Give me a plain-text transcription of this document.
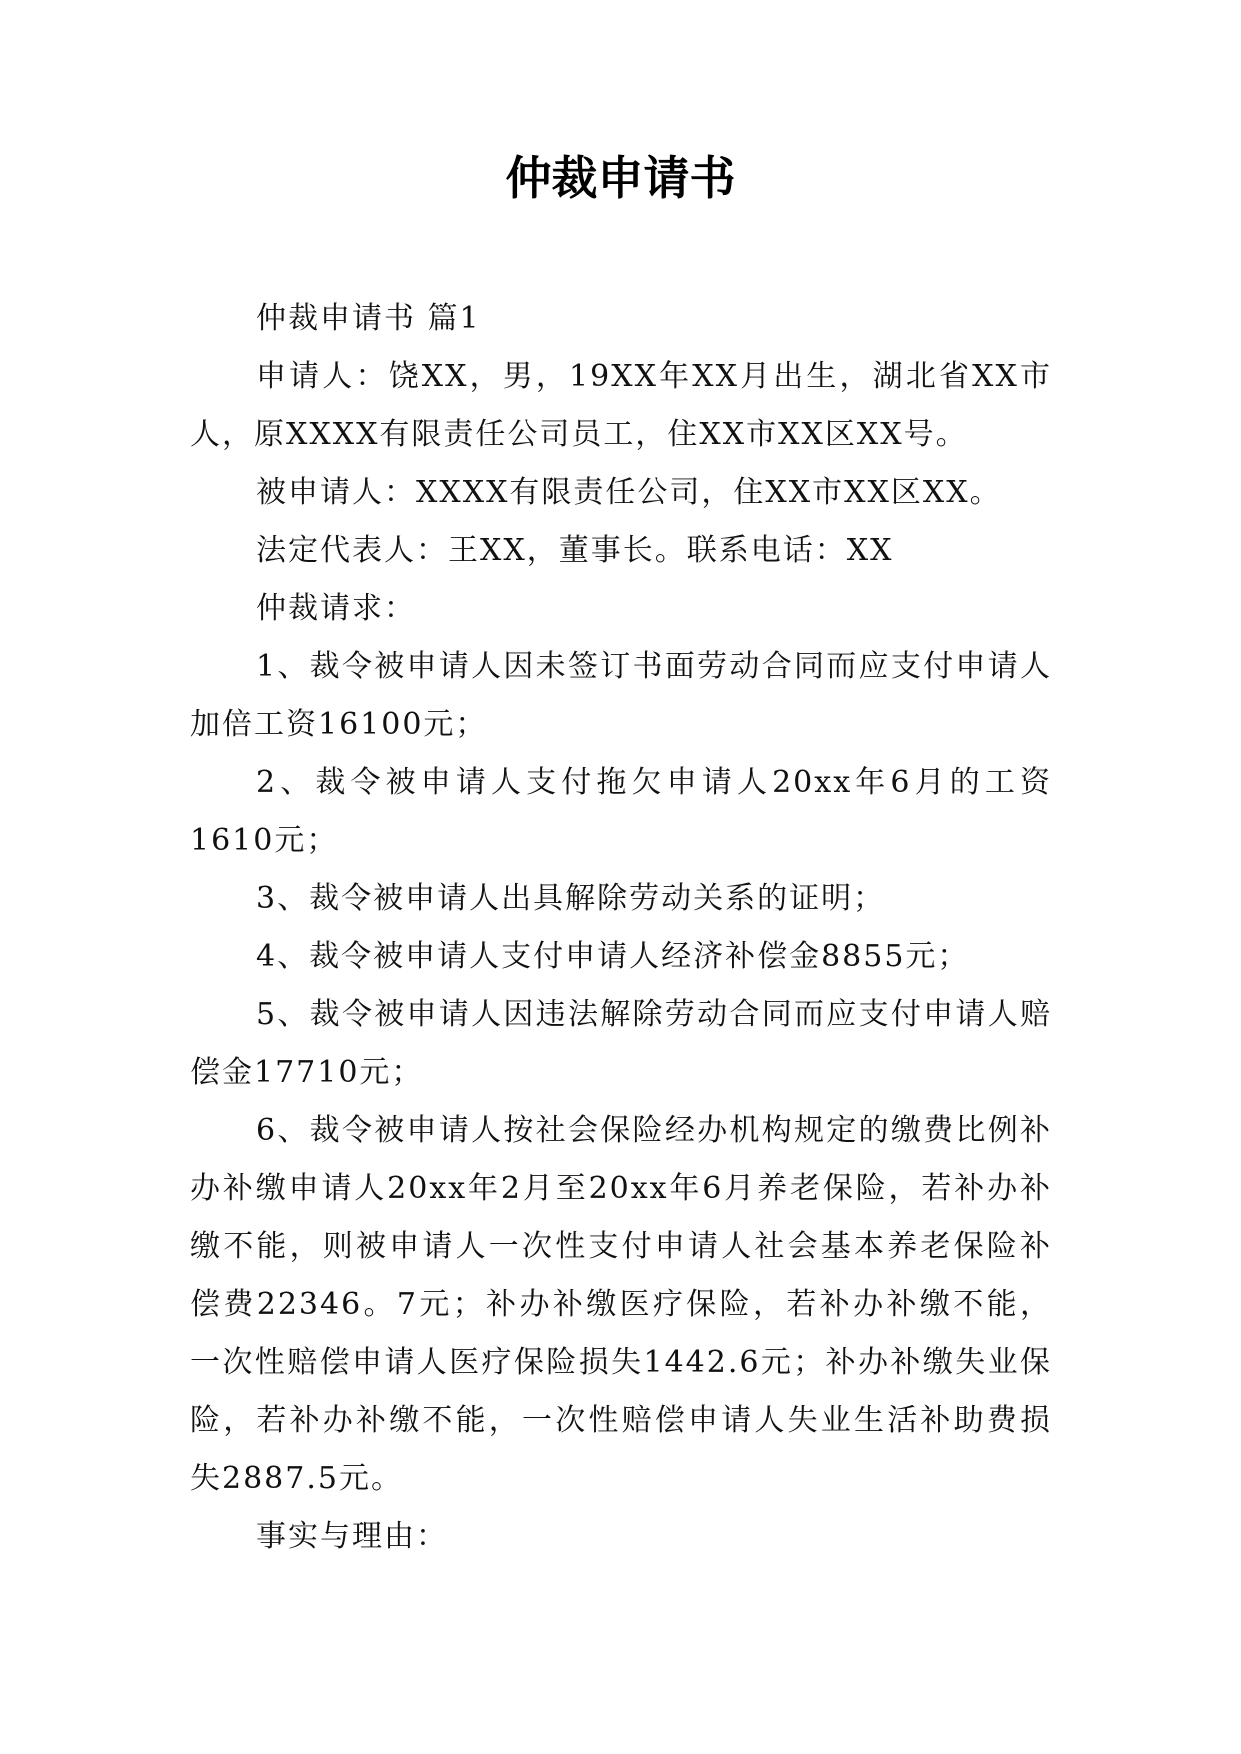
仲裁申请书

仲裁申请书 篇1

申请人：饶XX，男，19XX年XX月出生，湖北省XX市人，原XXXX有限责任公司员工，住XX市XX区XX号。

被申请人：XXXX有限责任公司，住XX市XX区XX。

法定代表人：王XX，董事长。联系电话：XX

仲裁请求：

1、裁令被申请人因未签订书面劳动合同而应支付申请人加倍工资16100元；

2、裁令被申请人支付拖欠申请人20xx年6月的工资1610元；

3、裁令被申请人出具解除劳动关系的证明；

4、裁令被申请人支付申请人经济补偿金8855元；

5、裁令被申请人因违法解除劳动合同而应支付申请人赔偿金17710元；

6、裁令被申请人按社会保险经办机构规定的缴费比例补办补缴申请人20xx年2月至20xx年6月养老保险，若补办补缴不能，则被申请人一次性支付申请人社会基本养老保险补偿费22346。7元；补办补缴医疗保险，若补办补缴不能，一次性赔偿申请人医疗保险损失1442.6元；补办补缴失业保险，若补办补缴不能，一次性赔偿申请人失业生活补助费损失2887.5元。

事实与理由：
